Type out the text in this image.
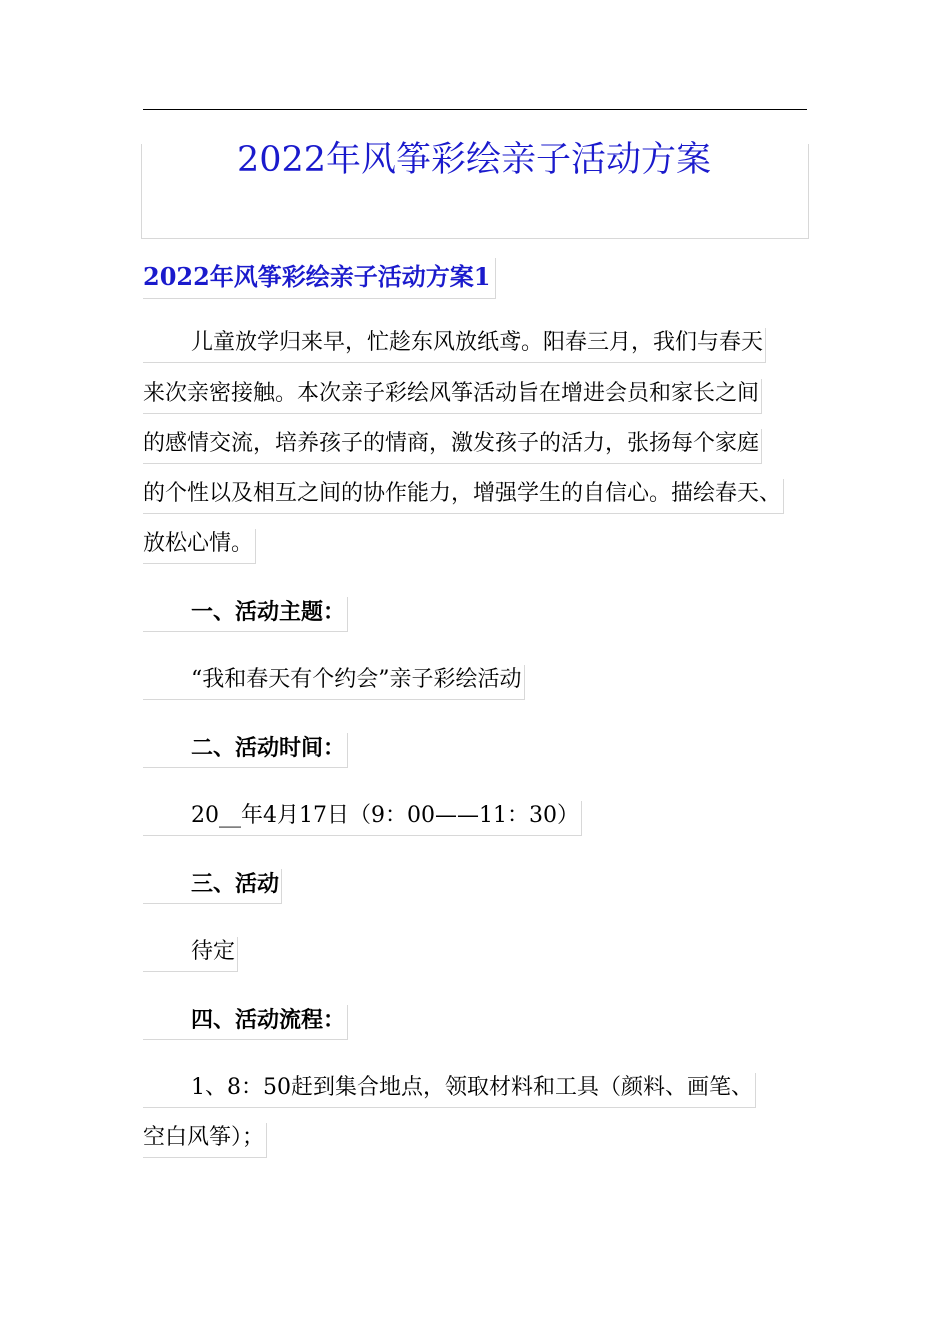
2022年风筝彩绘亲子活动方案
2022年风筝彩绘亲子活动方案1
儿童放学归来早，忙趁东风放纸鸢。阳春三月，我们与春天
来次亲密接触。本次亲子彩绘风筝活动旨在增进会员和家长之间
的感情交流，培养孩子的情商，激发孩子的活力，张扬每个家庭
的个性以及相互之间的协作能力，增强学生的自信心。描绘春天、
放松心情。
一、活动主题：
“我和春天有个约会”亲子彩绘活动
二、活动时间：
20__年4月17日（9：00——11：30）
三、活动
待定
四、活动流程：
1、8：50赶到集合地点，领取材料和工具（颜料、画笔、
空白风筝）；
